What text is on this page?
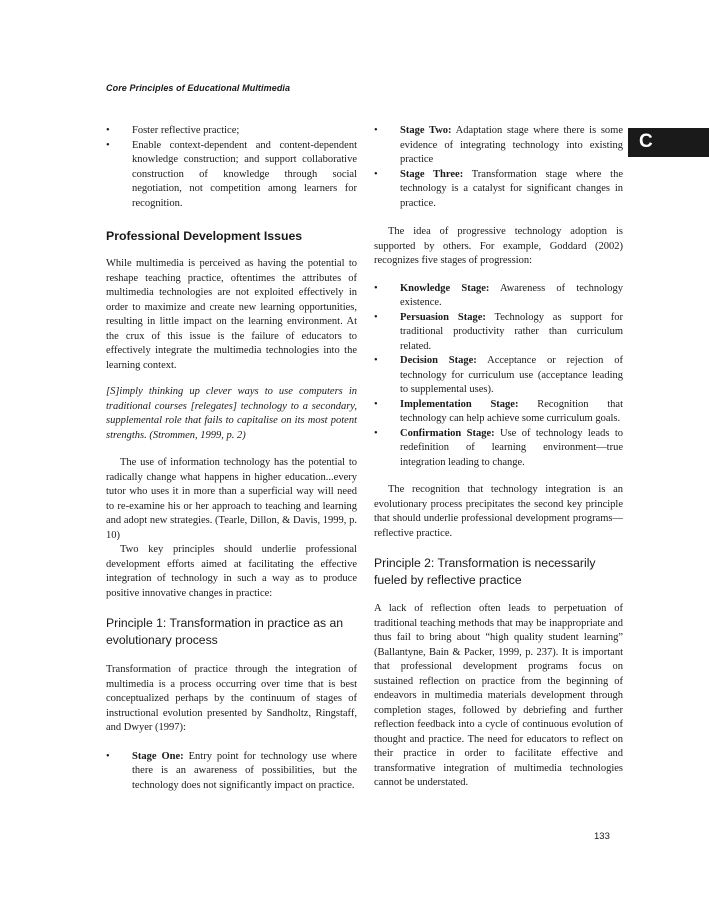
Core Principles of Educational Multimedia
C
• Foster reflective practice;
• Enable context-dependent and content-dependent knowledge construction; and support collaborative construction of knowledge through social negotiation, not competition among learners for recognition.
Professional Development Issues

While multimedia is perceived as having the potential to reshape teaching practice, oftentimes the attributes of multimedia technologies are not exploited effectively in order to maximize and create new learning opportunities, resulting in little impact on the learning environment. At the crux of this issue is the failure of educators to effectively integrate the multimedia technologies into the learning context.

[S]imply thinking up clever ways to use computers in traditional courses [relegates] technology to a secondary, supplemental role that fails to capitalise on its most potent strengths. (Strommen, 1999, p. 2)

The use of information technology has the potential to radically change what happens in higher education...every tutor who uses it in more than a superficial way will need to re-examine his or her approach to teaching and learning and adopt new strategies. (Tearle, Dillon, & Davis, 1999, p. 10)

Two key principles should underlie professional development efforts aimed at facilitating the effective integration of technology in such a way as to produce positive innovative changes in practice:

Principle 1: Transformation in practice as an evolutionary process

Transformation of practice through the integration of multimedia is a process occurring over time that is best conceptualized perhaps by the continuum of stages of instructional evolution presented by Sandholtz, Ringstaff, and Dwyer (1997):

• Stage One: Entry point for technology use where there is an awareness of possibilities, but the technology does not significantly impact on practice.
• Stage Two: Adaptation stage where there is some evidence of integrating technology into existing practice
• Stage Three: Transformation stage where the technology is a catalyst for significant changes in practice.

The idea of progressive technology adoption is supported by others. For example, Goddard (2002) recognizes five stages of progression:

• Knowledge Stage: Awareness of technology existence.
• Persuasion Stage: Technology as support for traditional productivity rather than curriculum related.
• Decision Stage: Acceptance or rejection of technology for curriculum use (acceptance leading to supplemental uses).
• Implementation Stage: Recognition that technology can help achieve some curriculum goals.
• Confirmation Stage: Use of technology leads to redefinition of learning environment—true integration leading to change.

The recognition that technology integration is an evolutionary process precipitates the second key principle that should underlie professional development programs—reflective practice.

Principle 2: Transformation is necessarily fueled by reflective practice

A lack of reflection often leads to perpetuation of traditional teaching methods that may be inappropriate and thus fail to bring about “high quality student learning” (Ballantyne, Bain & Packer, 1999, p. 237). It is important that professional development programs focus on sustained reflection on practice from the beginning of endeavors in multimedia materials development through completion stages, followed by debriefing and further reflection feedback into a cycle of continuous evolution of thought and practice. The need for educators to reflect on their practice in order to facilitate effective and transformative integration of multimedia technologies cannot be understated.

133
